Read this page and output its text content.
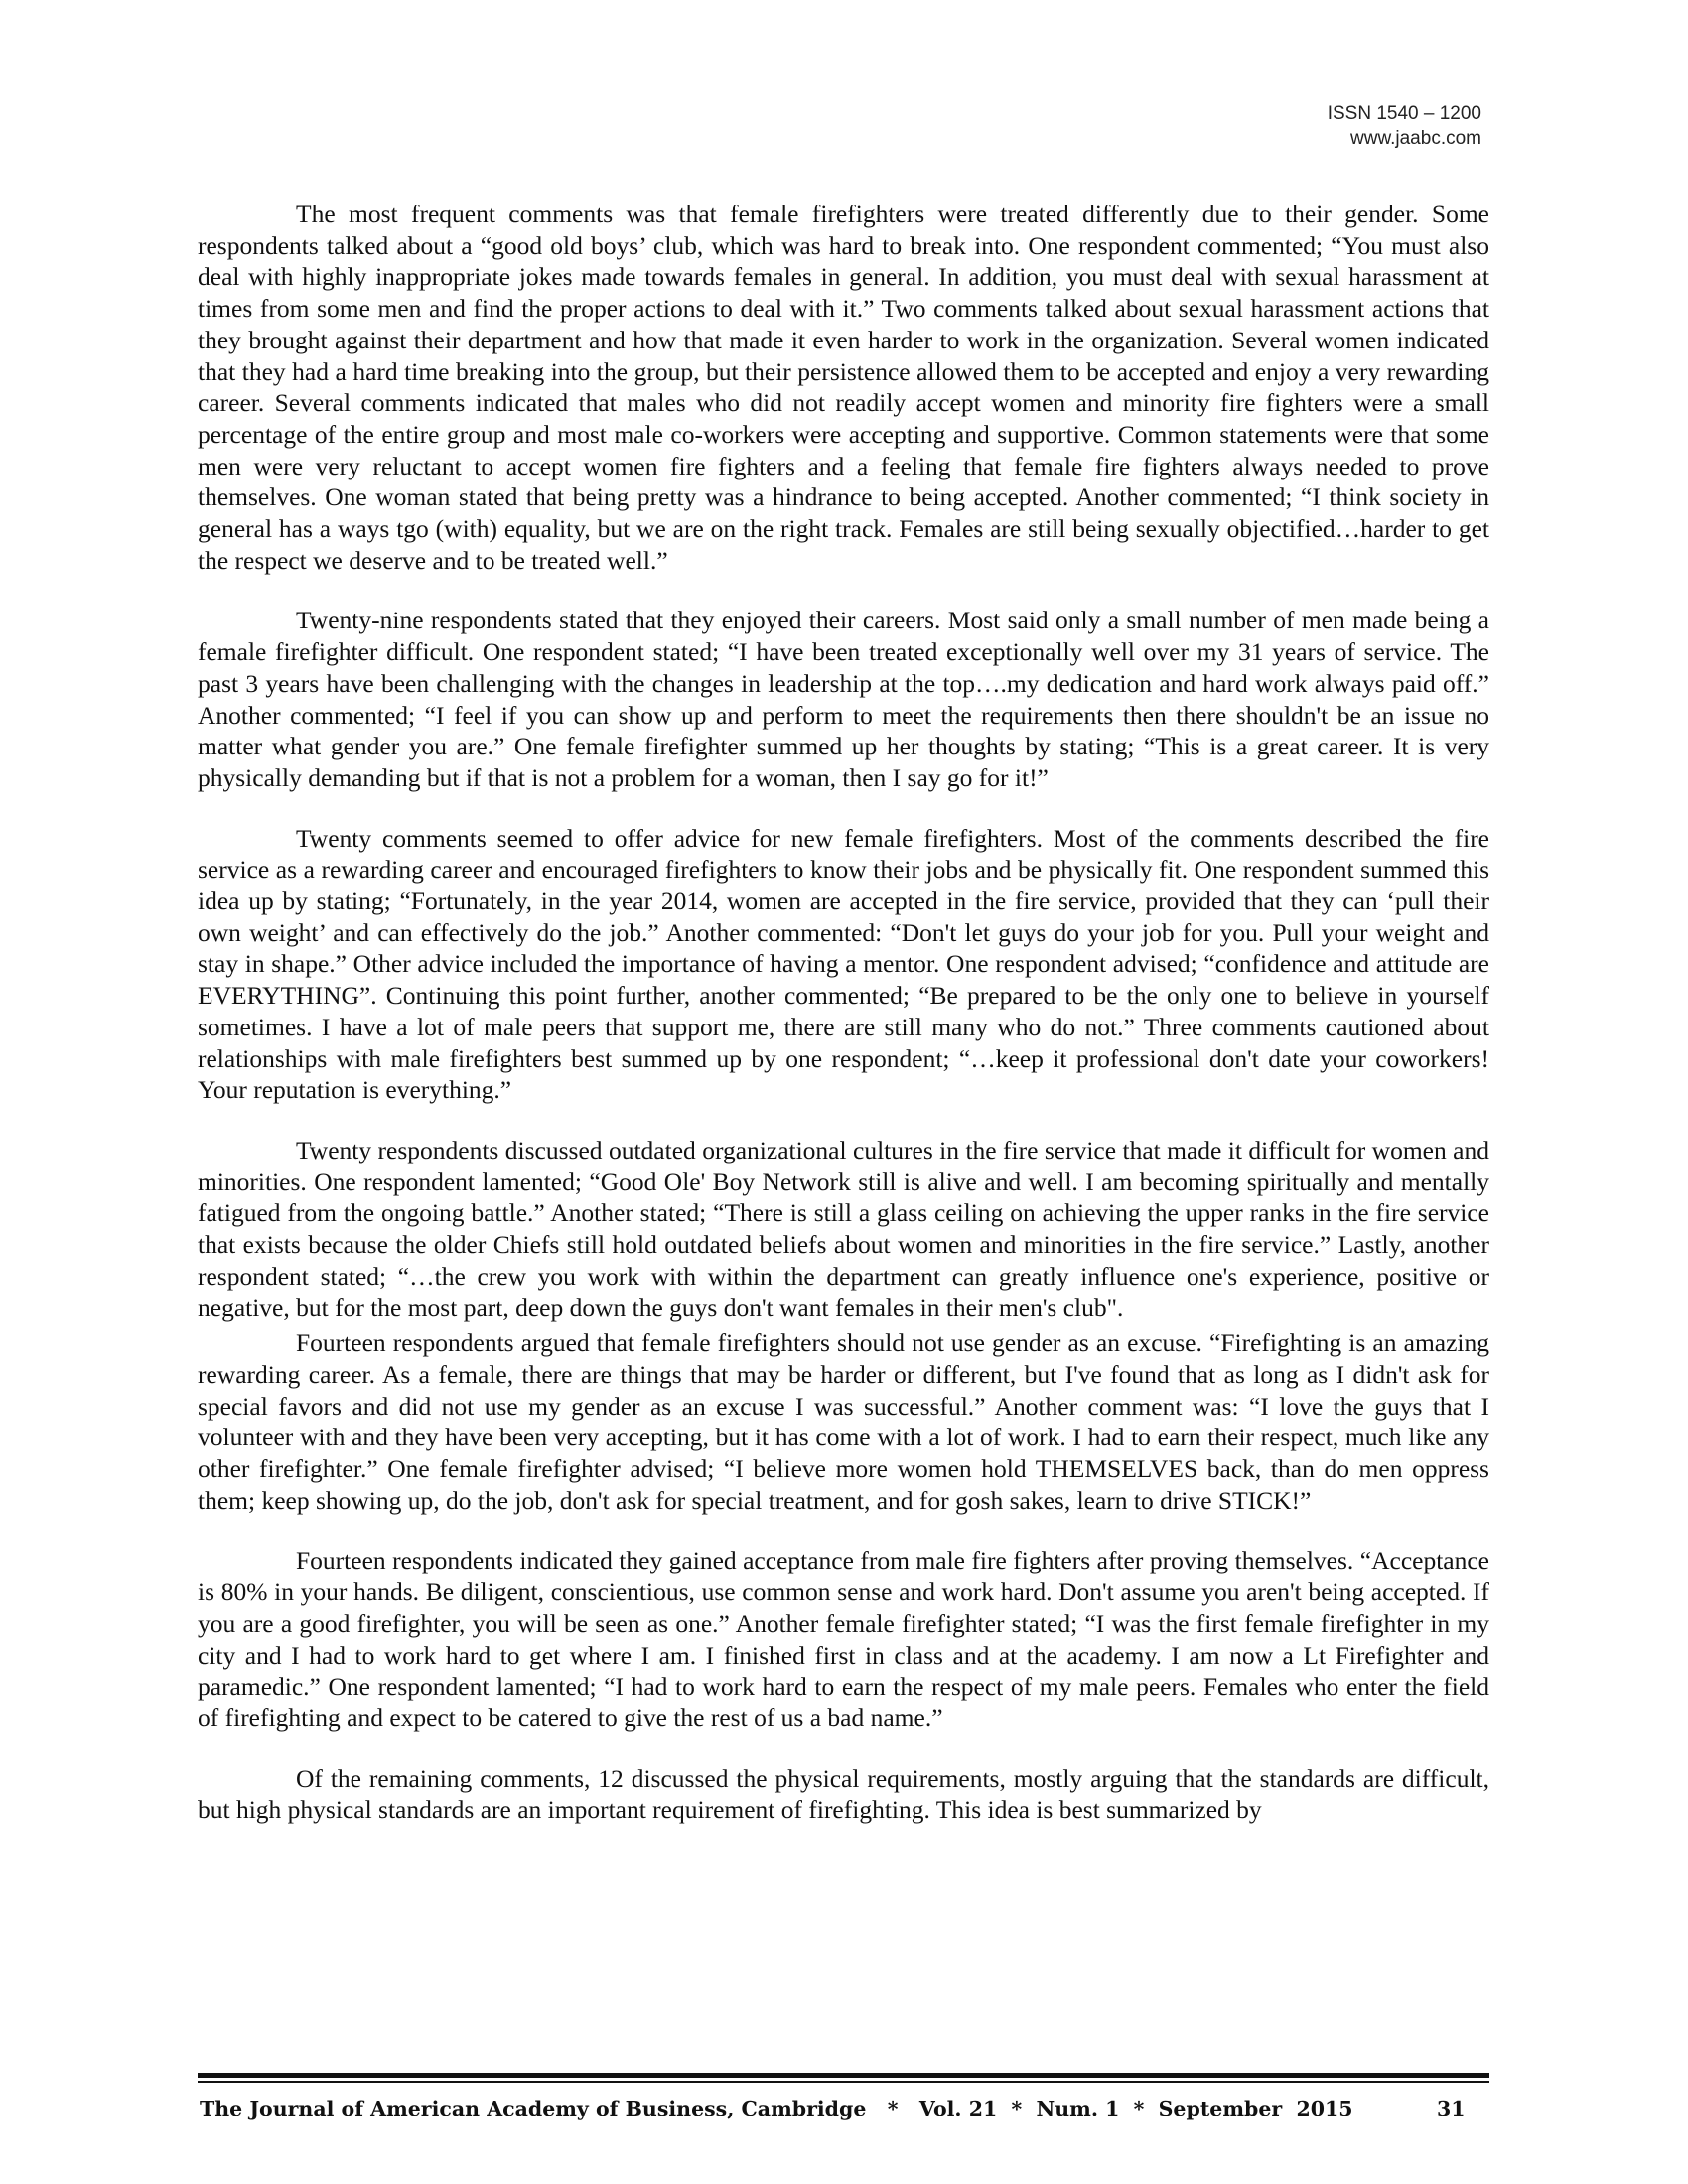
ISSN 1540 – 1200
www.jaabc.com

The most frequent comments was that female firefighters were treated differently due to their gender. Some respondents talked about a “good old boys’ club, which was hard to break into. One respondent commented; “You must also deal with highly inappropriate jokes made towards females in general. In addition, you must deal with sexual harassment at times from some men and find the proper actions to deal with it.” Two comments talked about sexual harassment actions that they brought against their department and how that made it even harder to work in the organization. Several women indicated that they had a hard time breaking into the group, but their persistence allowed them to be accepted and enjoy a very rewarding career. Several comments indicated that males who did not readily accept women and minority fire fighters were a small percentage of the entire group and most male co-workers were accepting and supportive. Common statements were that some men were very reluctant to accept women fire fighters and a feeling that female fire fighters always needed to prove themselves. One woman stated that being pretty was a hindrance to being accepted. Another commented; “I think society in general has a ways tgo (with) equality, but we are on the right track. Females are still being sexually objectified…harder to get the respect we deserve and to be treated well.”

Twenty-nine respondents stated that they enjoyed their careers. Most said only a small number of men made being a female firefighter difficult. One respondent stated; “I have been treated exceptionally well over my 31 years of service. The past 3 years have been challenging with the changes in leadership at the top….my dedication and hard work always paid off.” Another commented; “I feel if you can show up and perform to meet the requirements then there shouldn't be an issue no matter what gender you are.” One female firefighter summed up her thoughts by stating; “This is a great career. It is very physically demanding but if that is not a problem for a woman, then I say go for it!”

Twenty comments seemed to offer advice for new female firefighters. Most of the comments described the fire service as a rewarding career and encouraged firefighters to know their jobs and be physically fit. One respondent summed this idea up by stating; “Fortunately, in the year 2014, women are accepted in the fire service, provided that they can ‘pull their own weight’ and can effectively do the job.” Another commented: “Don't let guys do your job for you. Pull your weight and stay in shape.” Other advice included the importance of having a mentor. One respondent advised; “confidence and attitude are EVERYTHING”. Continuing this point further, another commented; “Be prepared to be the only one to believe in yourself sometimes. I have a lot of male peers that support me, there are still many who do not.” Three comments cautioned about relationships with male firefighters best summed up by one respondent; “…keep it professional don't date your coworkers! Your reputation is everything.”

Twenty respondents discussed outdated organizational cultures in the fire service that made it difficult for women and minorities. One respondent lamented; “Good Ole' Boy Network still is alive and well. I am becoming spiritually and mentally fatigued from the ongoing battle.” Another stated; “There is still a glass ceiling on achieving the upper ranks in the fire service that exists because the older Chiefs still hold outdated beliefs about women and minorities in the fire service.” Lastly, another respondent stated; “…the crew you work with within the department can greatly influence one's experience, positive or negative, but for the most part, deep down the guys don't want females in their men's club".

Fourteen respondents argued that female firefighters should not use gender as an excuse. “Firefighting is an amazing rewarding career. As a female, there are things that may be harder or different, but I've found that as long as I didn't ask for special favors and did not use my gender as an excuse I was successful.” Another comment was: “I love the guys that I volunteer with and they have been very accepting, but it has come with a lot of work. I had to earn their respect, much like any other firefighter.” One female firefighter advised; “I believe more women hold THEMSELVES back, than do men oppress them; keep showing up, do the job, don't ask for special treatment, and for gosh sakes, learn to drive STICK!”

Fourteen respondents indicated they gained acceptance from male fire fighters after proving themselves. “Acceptance is 80% in your hands. Be diligent, conscientious, use common sense and work hard. Don't assume you aren't being accepted. If you are a good firefighter, you will be seen as one.” Another female firefighter stated; “I was the first female firefighter in my city and I had to work hard to get where I am. I finished first in class and at the academy. I am now a Lt Firefighter and paramedic.” One respondent lamented; “I had to work hard to earn the respect of my male peers. Females who enter the field of firefighting and expect to be catered to give the rest of us a bad name.”

Of the remaining comments, 12 discussed the physical requirements, mostly arguing that the standards are difficult, but high physical standards are an important requirement of firefighting. This idea is best summarized by

The Journal of American Academy of Business, Cambridge   *   Vol. 21  *  Num. 1  *  September  2015	31
